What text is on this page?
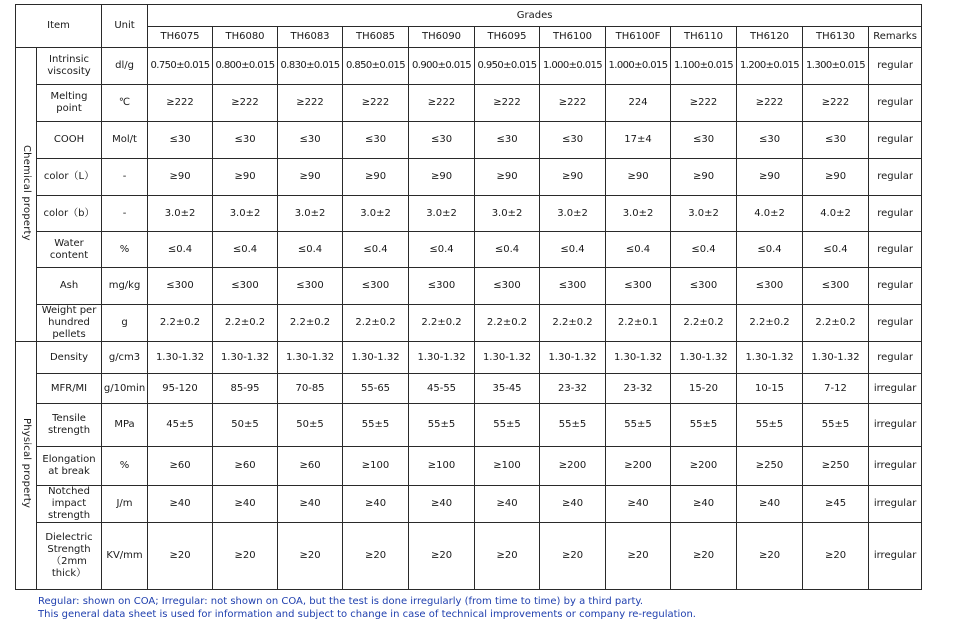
Item		Unit	Grades											
			TH6075	TH6080	TH6083	TH6085	TH6090	TH6095	TH6100	TH6100F	TH6110	TH6120	TH6130	Remarks
Chemical property	Intrinsic viscosity	dl/g	0.750±0.015	0.800±0.015	0.830±0.015	0.850±0.015	0.900±0.015	0.950±0.015	1.000±0.015	1.000±0.015	1.100±0.015	1.200±0.015	1.300±0.015	regular
	Melting point	℃	≥222	≥222	≥222	≥222	≥222	≥222	≥222	224	≥222	≥222	≥222	regular
	COOH	Mol/t	≤30	≤30	≤30	≤30	≤30	≤30	≤30	17±4	≤30	≤30	≤30	regular
	color（L）	-	≥90	≥90	≥90	≥90	≥90	≥90	≥90	≥90	≥90	≥90	≥90	regular
	color（b）	-	3.0±2	3.0±2	3.0±2	3.0±2	3.0±2	3.0±2	3.0±2	3.0±2	3.0±2	4.0±2	4.0±2	regular
	Water content	%	≤0.4	≤0.4	≤0.4	≤0.4	≤0.4	≤0.4	≤0.4	≤0.4	≤0.4	≤0.4	≤0.4	regular
	Ash	mg/kg	≤300	≤300	≤300	≤300	≤300	≤300	≤300	≤300	≤300	≤300	≤300	regular
	Weight per hundred pellets	g	2.2±0.2	2.2±0.2	2.2±0.2	2.2±0.2	2.2±0.2	2.2±0.2	2.2±0.2	2.2±0.1	2.2±0.2	2.2±0.2	2.2±0.2	regular
Physical property	Density	g/cm3	1.30-1.32	1.30-1.32	1.30-1.32	1.30-1.32	1.30-1.32	1.30-1.32	1.30-1.32	1.30-1.32	1.30-1.32	1.30-1.32	1.30-1.32	regular
	MFR/MI	g/10min	95-120	85-95	70-85	55-65	45-55	35-45	23-32	23-32	15-20	10-15	7-12	irregular
	Tensile strength	MPa	45±5	50±5	50±5	55±5	55±5	55±5	55±5	55±5	55±5	55±5	55±5	irregular
	Elongation at break	%	≥60	≥60	≥60	≥100	≥100	≥100	≥200	≥200	≥200	≥250	≥250	irregular
	Notched impact strength	J/m	≥40	≥40	≥40	≥40	≥40	≥40	≥40	≥40	≥40	≥40	≥45	irregular
	Dielectric Strength（2mm thick）	KV/mm	≥20	≥20	≥20	≥20	≥20	≥20	≥20	≥20	≥20	≥20	≥20	irregular
Regular: shown on COA; Irregular: not shown on COA, but the test is done irregularly (from time to time) by a third party.
This general data sheet is used for information and subject to change in case of technical improvements or company re-regulation.
